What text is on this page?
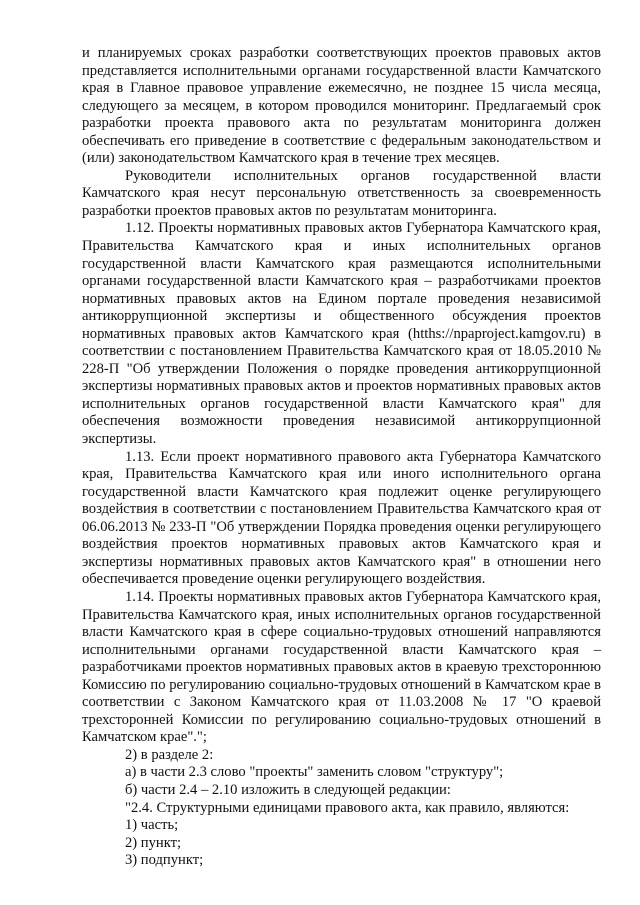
и планируемых сроках разработки соответствующих проектов правовых актов представляется исполнительными органами государственной власти Камчатского края в Главное правовое управление ежемесячно, не позднее 15 числа месяца, следующего за месяцем, в котором проводился мониторинг. Предлагаемый срок разработки проекта правового акта по результатам мониторинга должен обеспечивать его приведение в соответствие с федеральным законодательством и (или) законодательством Камчатского края в течение трех месяцев.

Руководители исполнительных органов государственной власти Камчатского края несут персональную ответственность за своевременность разработки проектов правовых актов по результатам мониторинга.

1.12. Проекты нормативных правовых актов Губернатора Камчатского края, Правительства Камчатского края и иных исполнительных органов государственной власти Камчатского края размещаются исполнительными органами государственной власти Камчатского края – разработчиками проектов нормативных правовых актов на Едином портале проведения независимой антикоррупционной экспертизы и общественного обсуждения проектов нормативных правовых актов Камчатского края (htths://npaproject.kamgov.ru) в соответствии с постановлением Правительства Камчатского края от 18.05.2010 № 228-П "Об утверждении Положения о порядке проведения антикоррупционной экспертизы нормативных правовых актов и проектов нормативных правовых актов исполнительных органов государственной власти Камчатского края" для обеспечения возможности проведения независимой антикоррупционной экспертизы.

1.13. Если проект нормативного правового акта Губернатора Камчатского края, Правительства Камчатского края или иного исполнительного органа государственной власти Камчатского края подлежит оценке регулирующего воздействия в соответствии с постановлением Правительства Камчатского края от 06.06.2013 № 233-П "Об утверждении Порядка проведения оценки регулирующего воздействия проектов нормативных правовых актов Камчатского края и экспертизы нормативных правовых актов Камчатского края" в отношении него обеспечивается проведение оценки регулирующего воздействия.

1.14. Проекты нормативных правовых актов Губернатора Камчатского края, Правительства Камчатского края, иных исполнительных органов государственной власти Камчатского края в сфере социально-трудовых отношений направляются исполнительными органами государственной власти Камчатского края – разработчиками проектов нормативных правовых актов в краевую трехстороннюю Комиссию по регулированию социально-трудовых отношений в Камчатском крае в соответствии с Законом Камчатского края от 11.03.2008 № 17 "О краевой трехсторонней Комиссии по регулированию социально-трудовых отношений в Камчатском крае".";

2) в разделе 2:

а) в части 2.3 слово "проекты" заменить словом "структуру";

б) части 2.4 – 2.10 изложить в следующей редакции:

"2.4. Структурными единицами правового акта, как правило, являются:

1) часть;

2) пункт;

3) подпункт;
